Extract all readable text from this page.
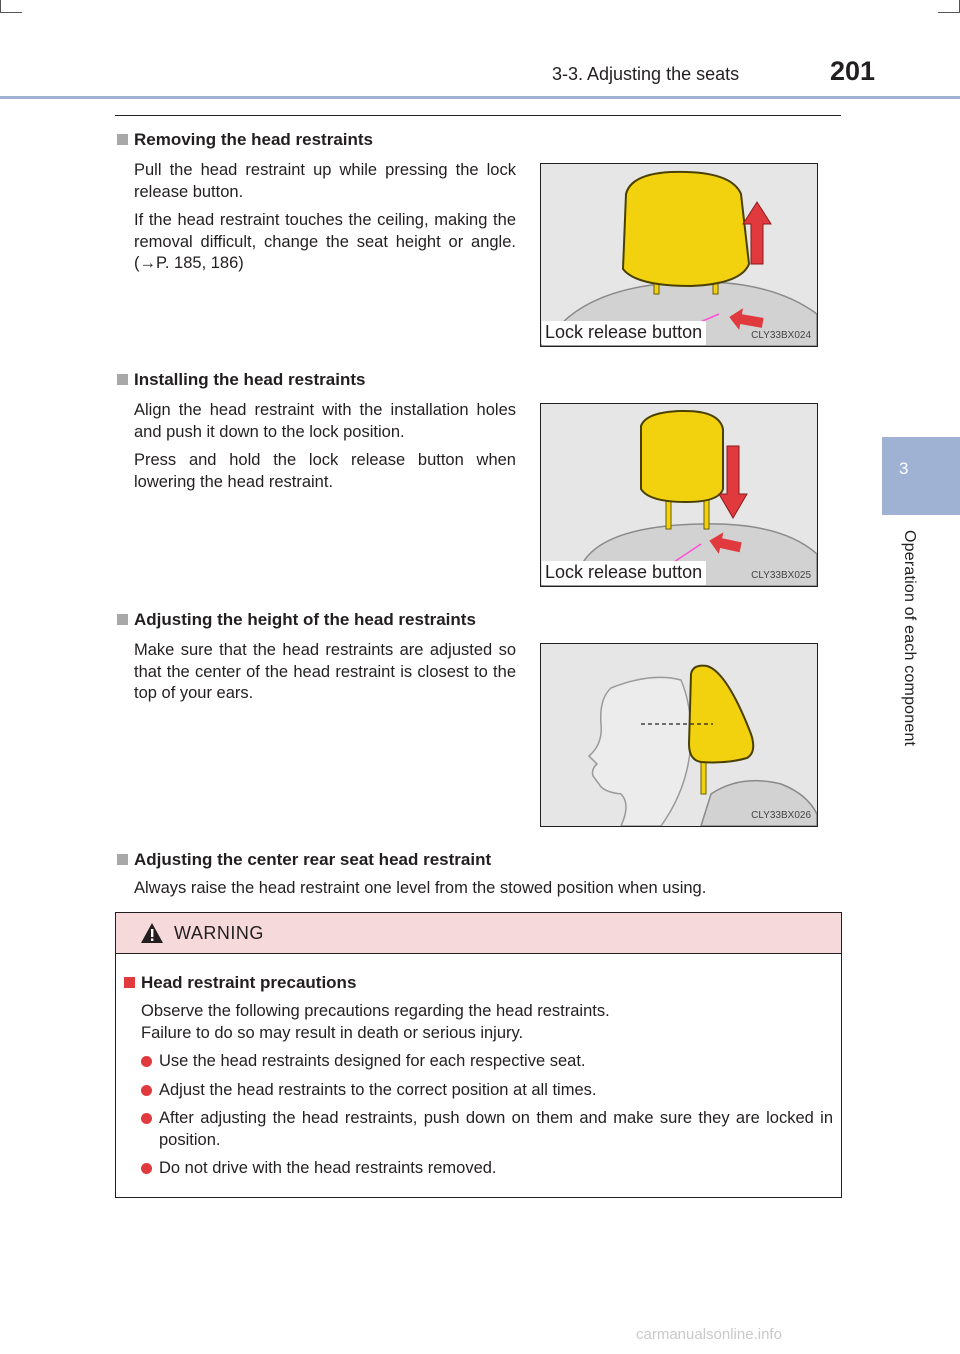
3-3. Adjusting the seats	201
3
Operation of each component
Removing the head restraints

Pull the head restraint up while pressing the lock release button.

If the head restraint touches the ceiling, making the removal difficult, change the seat height or angle. (→P. 185, 186)

Lock release button	CLY33BX024
Installing the head restraints

Align the head restraint with the installation holes and push it down to the lock position.

Press and hold the lock release button when lowering the head restraint.

Lock release button	CLY33BX025
Adjusting the height of the head restraints

Make sure that the head restraints are adjusted so that the center of the head restraint is closest to the top of your ears.

CLY33BX026
Adjusting the center rear seat head restraint

Always raise the head restraint one level from the stowed position when using.

WARNING
Head restraint precautions
Observe the following precautions regarding the head restraints.
Failure to do so may result in death or serious injury.
Use the head restraints designed for each respective seat.
Adjust the head restraints to the correct position at all times.
After adjusting the head restraints, push down on them and make sure they are locked in position.
Do not drive with the head restraints removed.
carmanualsonline.info
